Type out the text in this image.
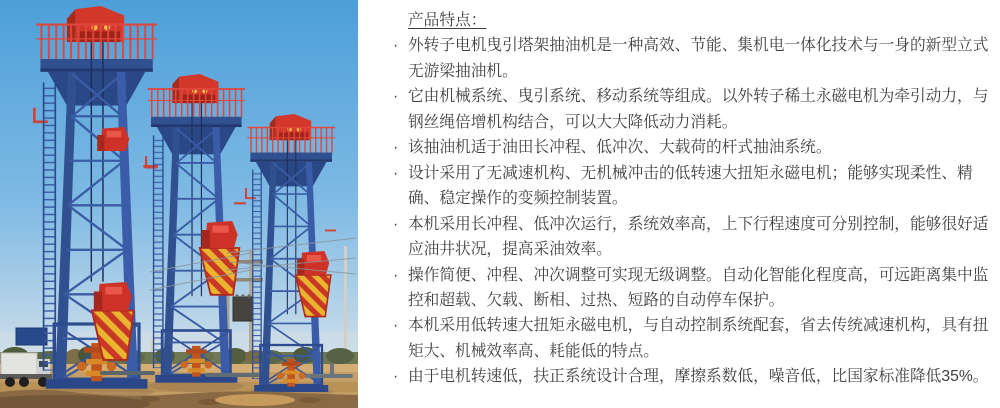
产品特点：
· 外转子电机曳引塔架抽油机是一种高效、节能、集机电一体化技术与一身的新型立式无游梁抽油机。
· 它由机械系统、曳引系统、移动系统等组成。以外转子稀土永磁电机为牵引动力，与钢丝绳倍增机构结合，可以大大降低动力消耗。
· 该抽油机适于油田长冲程、低冲次、大载荷的杆式抽油系统。
· 设计采用了无减速机构、无机械冲击的低转速大扭矩永磁电机；能够实现柔性、精确、稳定操作的变频控制装置。
· 本机采用长冲程、低冲次运行，系统效率高，上下行程速度可分别控制，能够很好适应油井状况，提高采油效率。
· 操作简便、冲程、冲次调整可实现无级调整。自动化智能化程度高，可远距离集中监控和超载、欠载、断相、过热、短路的自动停车保护。
· 本机采用低转速大扭矩永磁电机，与自动控制系统配套，省去传统减速机构，具有扭矩大、机械效率高、耗能低的特点。
· 由于电机转速低，扶正系统设计合理，摩擦系数低，噪音低，比国家标准降低35%。
